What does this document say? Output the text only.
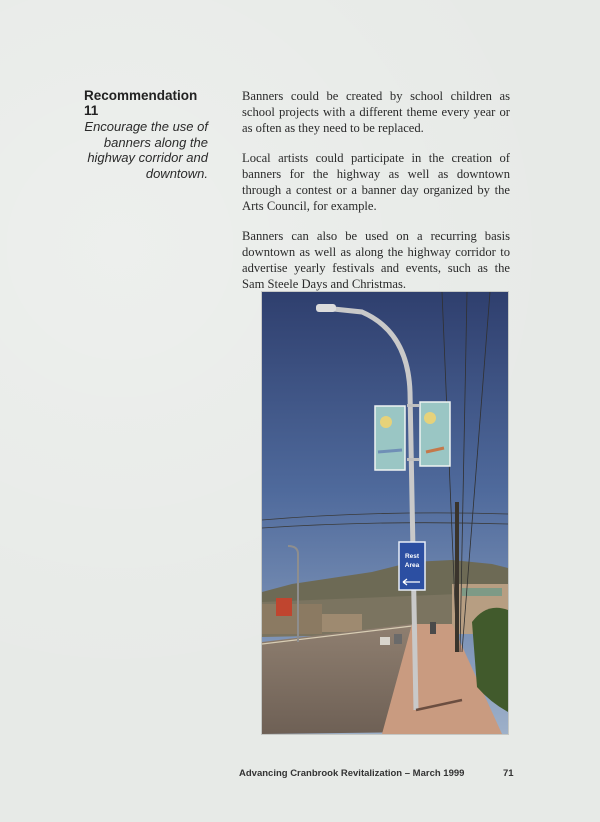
Recommendation 11
Encourage the use of banners along the highway corridor and downtown.

Banners could be created by school children as school projects with a different theme every year or as often as they need to be replaced.

Local artists could participate in the creation of banners for the highway as well as downtown through a contest or a banner day organized by the Arts Council, for example.

Banners can also be used on a recurring basis downtown as well as along the highway corridor to advertise yearly festivals and events, such as the Sam Steele Days and Christmas.

Rest
Area
Advancing Cranbrook Revitalization – March 1999	71
